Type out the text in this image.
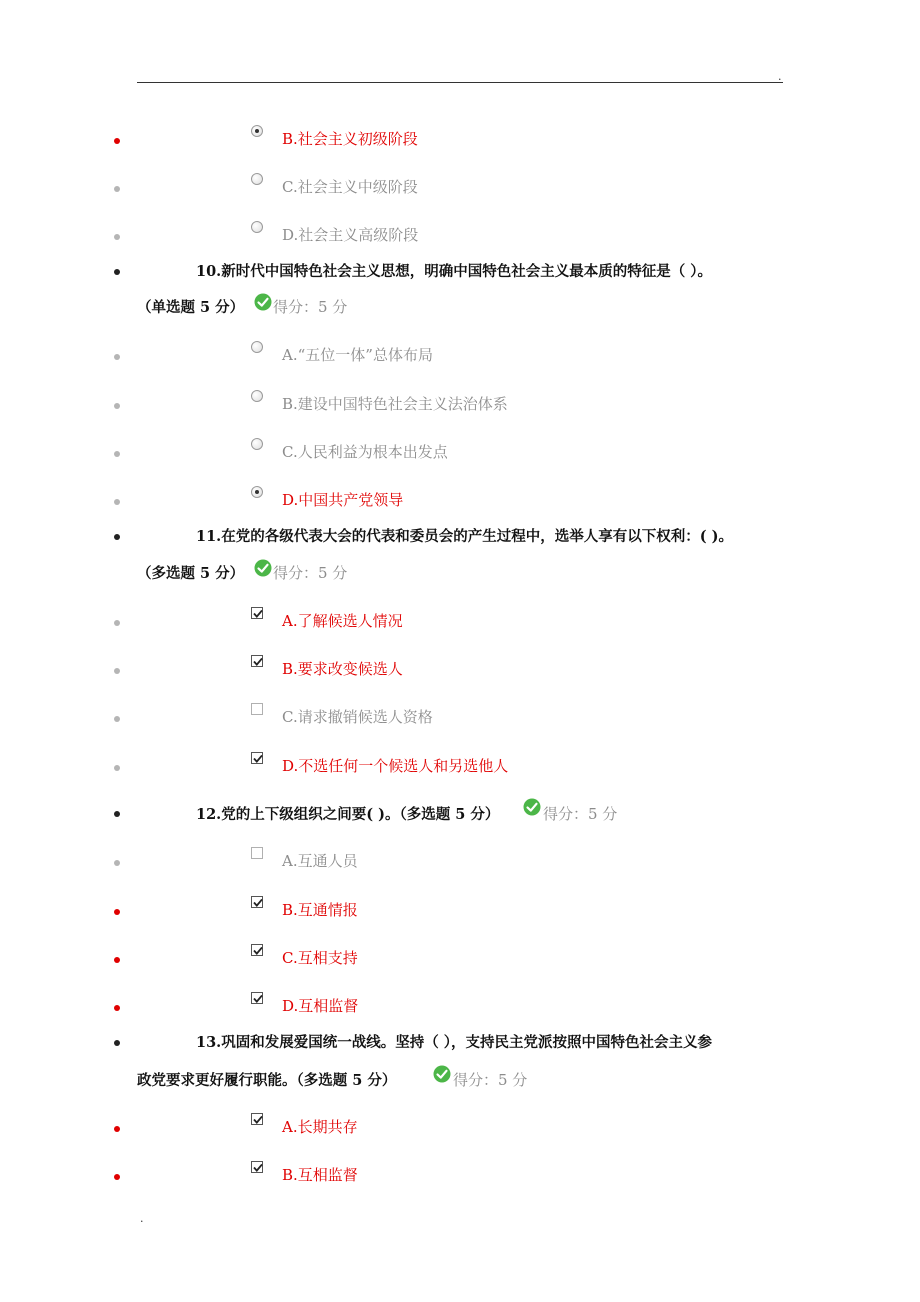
.
B.社会主义初级阶段
C.社会主义中级阶段
D.社会主义高级阶段
10.新时代中国特色社会主义思想，明确中国特色社会主义最本质的特征是（ ）。
（单选题 5 分） 得分：5 分
A.“五位一体”总体布局
B.建设中国特色社会主义法治体系
C.人民利益为根本出发点
D.中国共产党领导
11.在党的各级代表大会的代表和委员会的产生过程中，选举人享有以下权利：( )。
（多选题 5 分） 得分：5 分
A.了解候选人情况
B.要求改变候选人
C.请求撤销候选人资格
D.不选任何一个候选人和另选他人
12.党的上下级组织之间要( )。（多选题 5 分）	得分：5 分
A.互通人员
B.互通情报
C.互相支持
D.互相监督
13.巩固和发展爱国统一战线。坚持（ ），支持民主党派按照中国特色社会主义参
政党要求更好履行职能。（多选题 5 分）	得分：5 分
A.长期共存
B.互相监督
.
